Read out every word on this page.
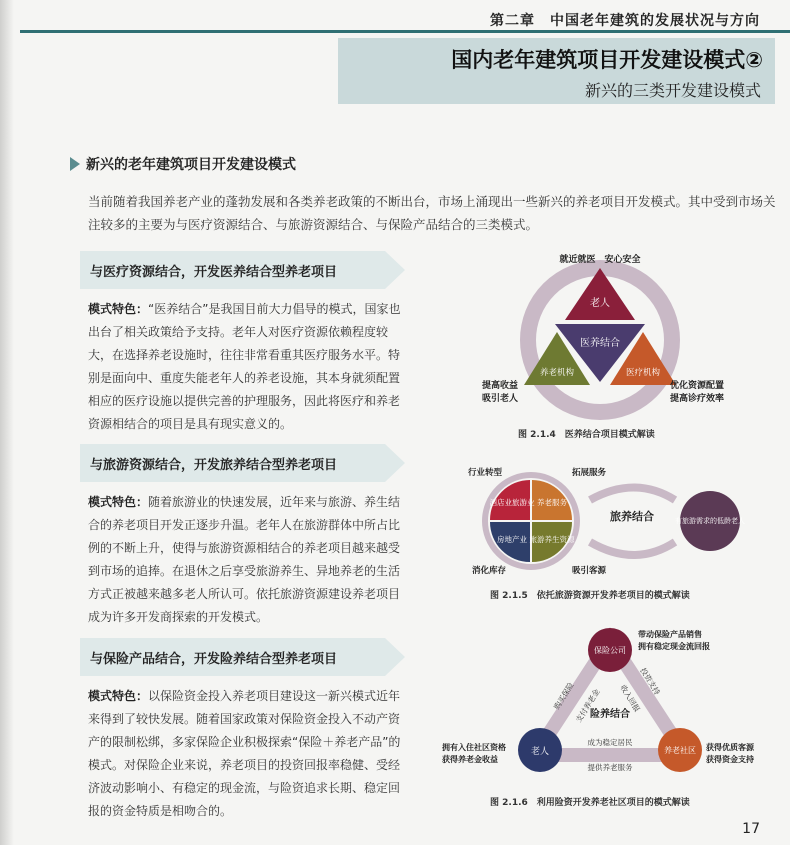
第二章　中国老年建筑的发展状况与方向
国内老年建筑项目开发建设模式②
新兴的三类开发建设模式
新兴的老年建筑项目开发建设模式
当前随着我国养老产业的蓬勃发展和各类养老政策的不断出台，市场上涌现出一些新兴的养老项目开发模式。其中受到市场关注较多的主要为与医疗资源结合、与旅游资源结合、与保险产品结合的三类模式。
与医疗资源结合，开发医养结合型养老项目
模式特色：“医养结合”是我国目前大力倡导的模式，国家也出台了相关政策给予支持。老年人对医疗资源依赖程度较大，在选择养老设施时，往往非常看重其医疗服务水平。特别是面向中、重度失能老年人的养老设施，其本身就须配置相应的医疗设施以提供完善的护理服务，因此将医疗和养老资源相结合的项目是具有现实意义的。
与旅游资源结合，开发旅养结合型养老项目
模式特色：随着旅游业的快速发展，近年来与旅游、养生结合的养老项目开发正逐步升温。老年人在旅游群体中所占比例的不断上升，使得与旅游资源相结合的养老项目越来越受到市场的追捧。在退休之后享受旅游养生、异地养老的生活方式正被越来越多老人所认可。依托旅游资源建设养老项目成为许多开发商探索的开发模式。
与保险产品结合，开发险养结合型养老项目
模式特色：以保险资金投入养老项目建设这一新兴模式近年来得到了较快发展。随着国家政策对保险资金投入不动产资产的限制松绑，多家保险企业积极探索“保险＋养老产品”的模式。对保险企业来说，养老项目的投资回报率稳健、受经济波动影响小、有稳定的现金流，与险资追求长期、稳定回报的资金特质是相吻合的。
就近就医　 安心安全
老人
医养结合
养老机构	医疗机构
提高收益
吸引老人
优化资源配置
提高诊疗效率
图 2.1.4　医养结合项目模式解读
酒店业旅游业 养老服务
房地产业 旅游养生资源
行业转型	拓展服务
消化库存	吸引客源
旅养结合	有旅游需求的低龄老人
图 2.1.5　依托旅游资源开发养老项目的模式解读
保险公司
老人	养老社区
险养结合
带动保险产品销售
拥有稳定现金流回报
拥有入住社区资格
获得养老金收益
获得优质客源
获得资金支持
购买保险
支付养老金
投资支持
收入回报
成为稳定居民
提供养老服务
图 2.1.6　利用险资开发养老社区项目的模式解读
17
